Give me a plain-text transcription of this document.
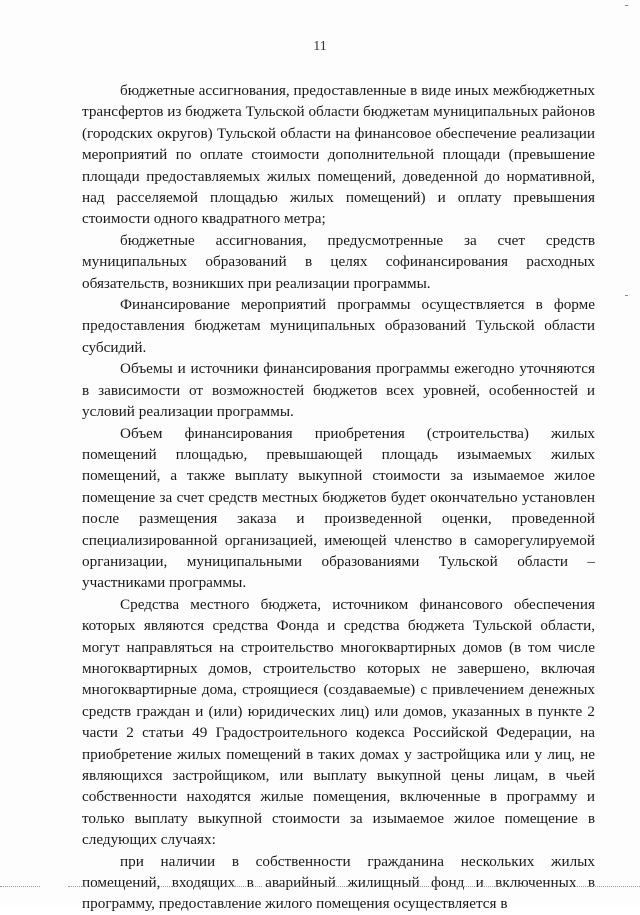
11

бюджетные ассигнования, предоставленные в виде иных межбюджетных трансфертов из бюджета Тульской области бюджетам муниципальных районов (городских округов) Тульской области на финансовое обеспечение реализации мероприятий по оплате стоимости дополнительной площади (превышение площади предоставляемых жилых помещений, доведенной до нормативной, над расселяемой площадью жилых помещений) и оплату превышения стоимости одного квадратного метра;

бюджетные ассигнования, предусмотренные за счет средств муниципальных образований в целях софинансирования расходных обязательств, возникших при реализации программы.

Финансирование мероприятий программы осуществляется в форме предоставления бюджетам муниципальных образований Тульской области субсидий.

Объемы и источники финансирования программы ежегодно уточняются в зависимости от возможностей бюджетов всех уровней, особенностей и условий реализации программы.

Объем финансирования приобретения (строительства) жилых помещений площадью, превышающей площадь изымаемых жилых помещений, а также выплату выкупной стоимости за изымаемое жилое помещение за счет средств местных бюджетов будет окончательно установлен после размещения заказа и произведенной оценки, проведенной специализированной организацией, имеющей членство в саморегулируемой организации, муниципальными образованиями Тульской области – участниками программы.

Средства местного бюджета, источником финансового обеспечения которых являются средства Фонда и средства бюджета Тульской области, могут направляться на строительство многоквартирных домов (в том числе многоквартирных домов, строительство которых не завершено, включая многоквартирные дома, строящиеся (создаваемые) с привлечением денежных средств граждан и (или) юридических лиц) или домов, указанных в пункте 2 части 2 статьи 49 Градостроительного кодекса Российской Федерации, на приобретение жилых помещений в таких домах у застройщика или у лиц, не являющихся застройщиком, или выплату выкупной цены лицам, в чьей собственности находятся жилые помещения, включенные в программу и только выплату выкупной стоимости за изымаемое жилое помещение в следующих случаях:

при наличии в собственности гражданина нескольких жилых помещений, входящих в аварийный жилищный фонд и включенных в программу, предоставление жилого помещения осуществляется в
